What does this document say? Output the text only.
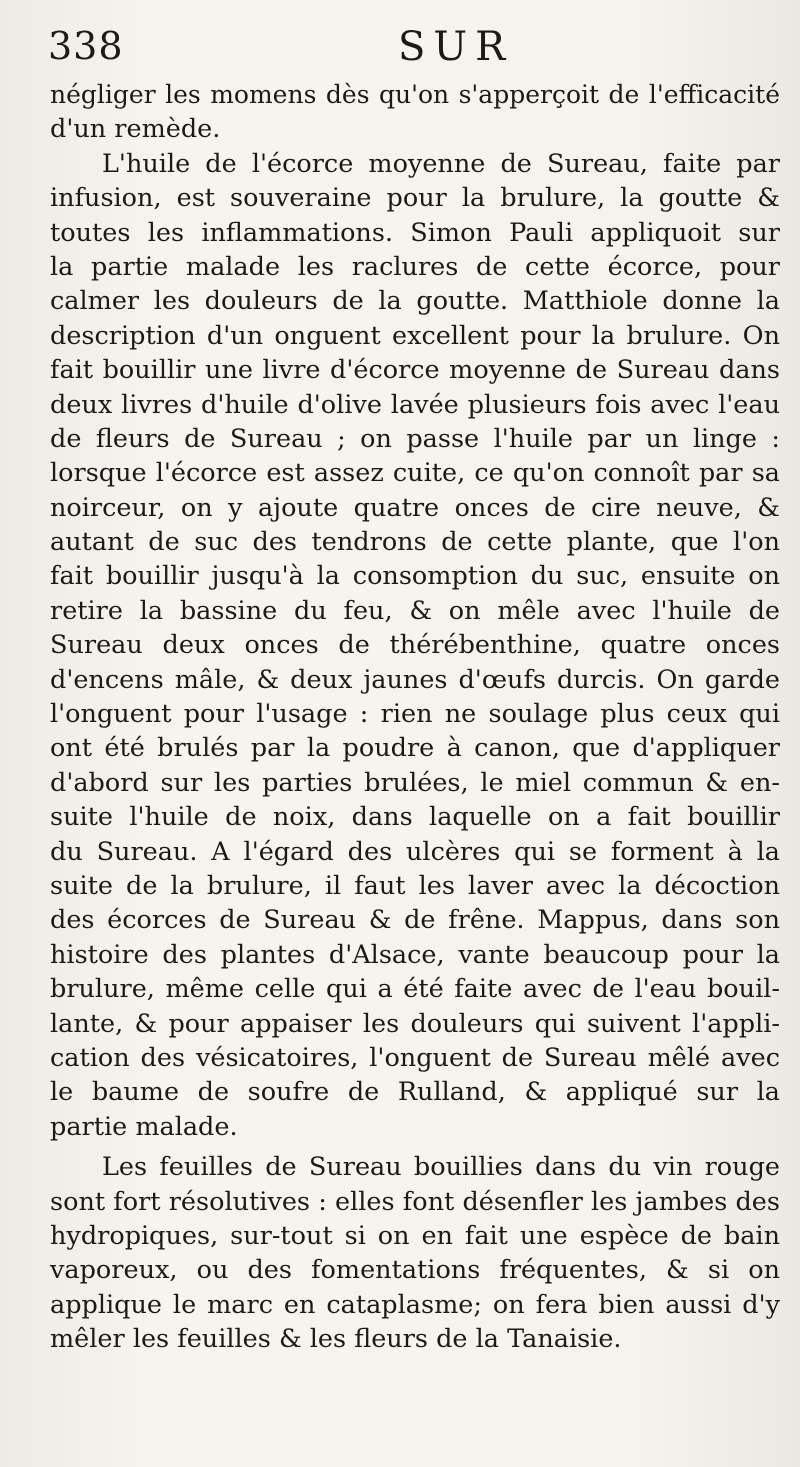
338	SUR
négliger les momens dès qu'on s'apperçoit de l'efficacité
d'un remède.
L'huile de l'écorce moyenne de Sureau, faite par
infusion, est souveraine pour la brulure, la goutte &
toutes les inflammations. Simon Pauli appliquoit sur
la partie malade les raclures de cette écorce, pour
calmer les douleurs de la goutte. Matthiole donne la
description d'un onguent excellent pour la brulure. On
fait bouillir une livre d'écorce moyenne de Sureau dans
deux livres d'huile d'olive lavée plusieurs fois avec l'eau
de fleurs de Sureau ; on passe l'huile par un linge :
lorsque l'écorce est assez cuite, ce qu'on connoît par sa
noirceur, on y ajoute quatre onces de cire neuve, &
autant de suc des tendrons de cette plante, que l'on
fait bouillir jusqu'à la consomption du suc, ensuite on
retire la bassine du feu, & on mêle avec l'huile de
Sureau deux onces de thérébenthine, quatre onces
d'encens mâle, & deux jaunes d'œufs durcis. On garde
l'onguent pour l'usage : rien ne soulage plus ceux qui
ont été brulés par la poudre à canon, que d'appliquer
d'abord sur les parties brulées, le miel commun & en-
suite l'huile de noix, dans laquelle on a fait bouillir
du Sureau. A l'égard des ulcères qui se forment à la
suite de la brulure, il faut les laver avec la décoction
des écorces de Sureau & de frêne. Mappus, dans son
histoire des plantes d'Alsace, vante beaucoup pour la
brulure, même celle qui a été faite avec de l'eau bouil-
lante, & pour appaiser les douleurs qui suivent l'appli-
cation des vésicatoires, l'onguent de Sureau mêlé avec
le baume de soufre de Rulland, & appliqué sur la
partie malade.
Les feuilles de Sureau bouillies dans du vin rouge
sont fort résolutives : elles font désenfler les jambes des
hydropiques, sur-tout si on en fait une espèce de bain
vaporeux, ou des fomentations fréquentes, & si on
applique le marc en cataplasme; on fera bien aussi d'y
mêler les feuilles & les fleurs de la Tanaisie.
